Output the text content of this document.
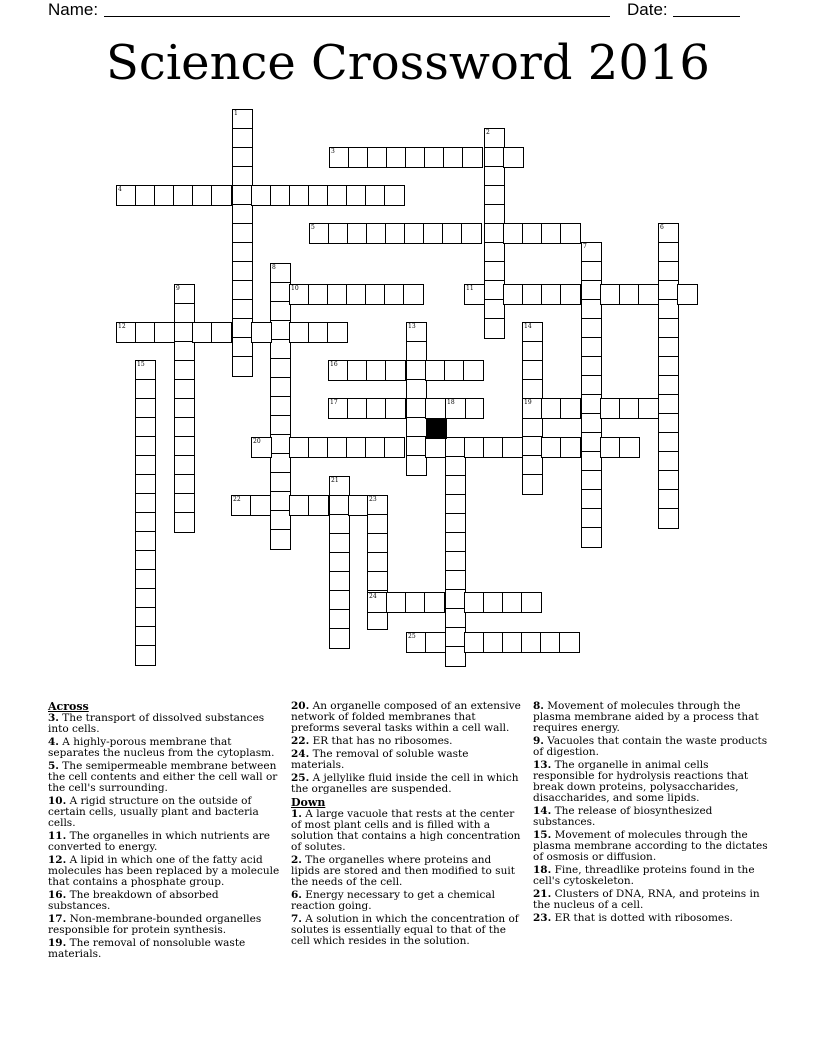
Name:	Date:
Science Crossword 2016
1
2
3
4
5	6
7
8
9	10	11
12	13	14
15	16
17	18	19
20
21
22	23
24
25
Across
3. The transport of dissolved substances into cells.
4. A highly-porous membrane that separates the nucleus from the cytoplasm.
5. The semipermeable membrane between the cell contents and either the cell wall or the cell's surrounding.
10. A rigid structure on the outside of certain cells, usually plant and bacteria cells.
11. The organelles in which nutrients are converted to energy.
12. A lipid in which one of the fatty acid molecules has been replaced by a molecule that contains a phosphate group.
16. The breakdown of absorbed substances.
17. Non-membrane-bounded organelles responsible for protein synthesis.
19. The removal of nonsoluble waste materials.
20. An organelle composed of an extensive network of folded membranes that preforms several tasks within a cell wall.
22. ER that has no ribosomes.
24. The removal of soluble waste materials.
25. A jellylike fluid inside the cell in which the organelles are suspended.
Down
1. A large vacuole that rests at the center of most plant cells and is filled with a solution that contains a high concentration of solutes.
2. The organelles where proteins and lipids are stored and then modified to suit the needs of the cell.
6. Energy necessary to get a chemical reaction going.
7. A solution in which the concentration of solutes is essentially equal to that of the cell which resides in the solution.
8. Movement of molecules through the plasma membrane aided by a process that requires energy.
9. Vacuoles that contain the waste products of digestion.
13. The organelle in animal cells responsible for hydrolysis reactions that break down proteins, polysaccharides, disaccharides, and some lipids.
14. The release of biosynthesized substances.
15. Movement of molecules through the plasma membrane according to the dictates of osmosis or diffusion.
18. Fine, threadlike proteins found in the cell's cytoskeleton.
21. Clusters of DNA, RNA, and proteins in the nucleus of a cell.
23. ER that is dotted with ribosomes.
